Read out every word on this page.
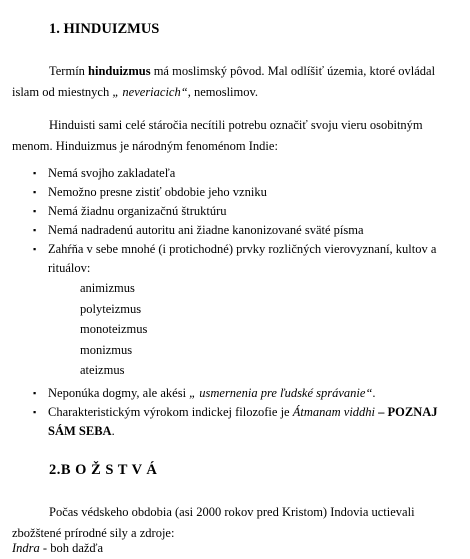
1. HINDUIZMUS

Termín hinduizmus má moslimský pôvod. Mal odlíšiť územia, ktoré ovládal islam od miestnych „ neveriacich“, nemoslimov.

Hinduisti sami celé stáročia necítili potrebu označiť svoju vieru osobitným menom. Hinduizmus je národným fenoménom Indie:

▪ Nemá svojho zakladateľa
▪ Nemožno presne zistiť obdobie jeho vzniku
▪ Nemá žiadnu organizačnú štruktúru
▪ Nemá nadradenú autoritu ani žiadne kanonizované sväté písma
▪ Zahŕňa v sebe mnohé (i protichodné) prvky rozličných vierovyznaní, kultov a rituálov:
animizmus
polyteizmus
monoteizmus
monizmus
ateizmus
▪ Neponúka dogmy, ale akési „ usmernenia pre ľudské správanie“.
▪ Charakteristickým výrokom indickej filozofie je Átmanam viddhi – POZNAJ SÁM SEBA.
2.B O Ž S T V Á

Počas védskeho obdobia (asi 2000 rokov pred Kristom) Indovia uctievali zbožštené prírodné sily a zdroje:

Indra - boh dažďa
